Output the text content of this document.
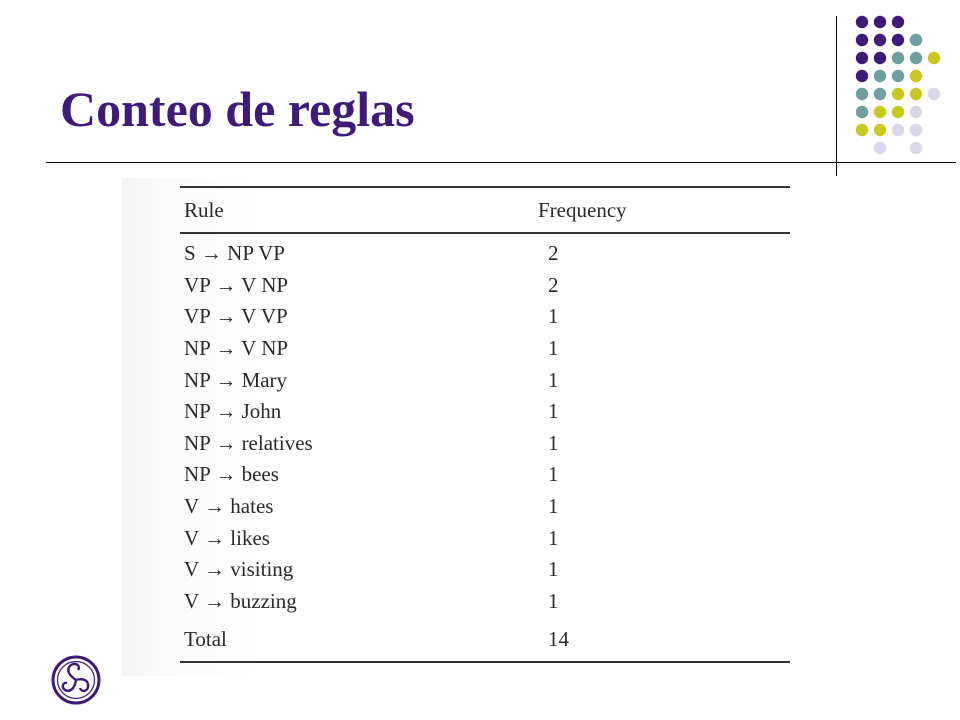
Conteo de reglas
Rule	Frequency
S → NP VP	2
VP → V NP	2
VP → V VP	1
NP → V NP	1
NP → Mary	1
NP → John	1
NP → relatives	1
NP → bees	1
V → hates	1
V → likes	1
V → visiting	1
V → buzzing	1
Total	14
